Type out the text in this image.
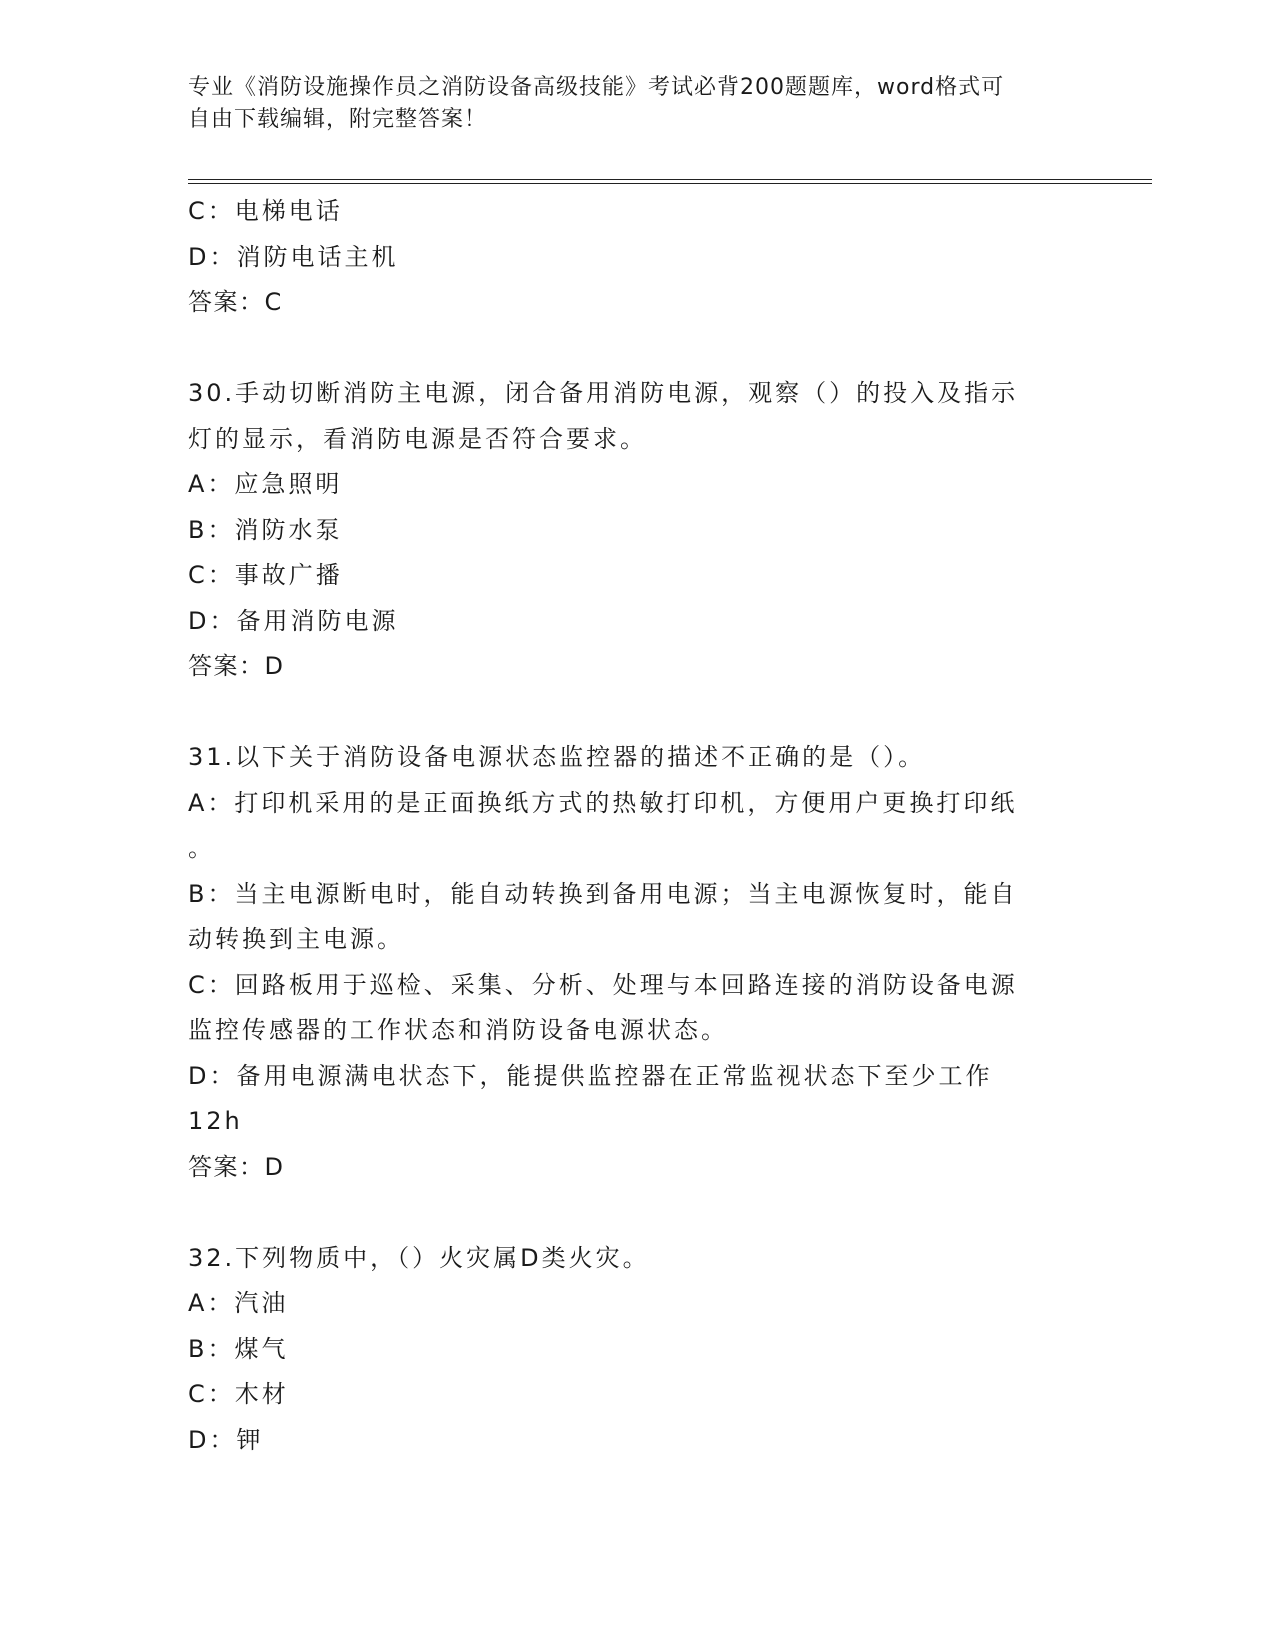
专业《消防设施操作员之消防设备高级技能》考试必背200题题库，word格式可
自由下载编辑，附完整答案！
C：电梯电话
D：消防电话主机
答案：C
30.手动切断消防主电源，闭合备用消防电源，观察（）的投入及指示
灯的显示，看消防电源是否符合要求。
A：应急照明
B：消防水泵
C：事故广播
D：备用消防电源
答案：D
31.以下关于消防设备电源状态监控器的描述不正确的是（）。
A：打印机采用的是正面换纸方式的热敏打印机，方便用户更换打印纸
。
B：当主电源断电时，能自动转换到备用电源；当主电源恢复时，能自
动转换到主电源。
C：回路板用于巡检、采集、分析、处理与本回路连接的消防设备电源
监控传感器的工作状态和消防设备电源状态。
D：备用电源满电状态下，能提供监控器在正常监视状态下至少工作
12h
答案：D
32.下列物质中，（）火灾属D类火灾。
A：汽油
B：煤气
C：木材
D：钾
